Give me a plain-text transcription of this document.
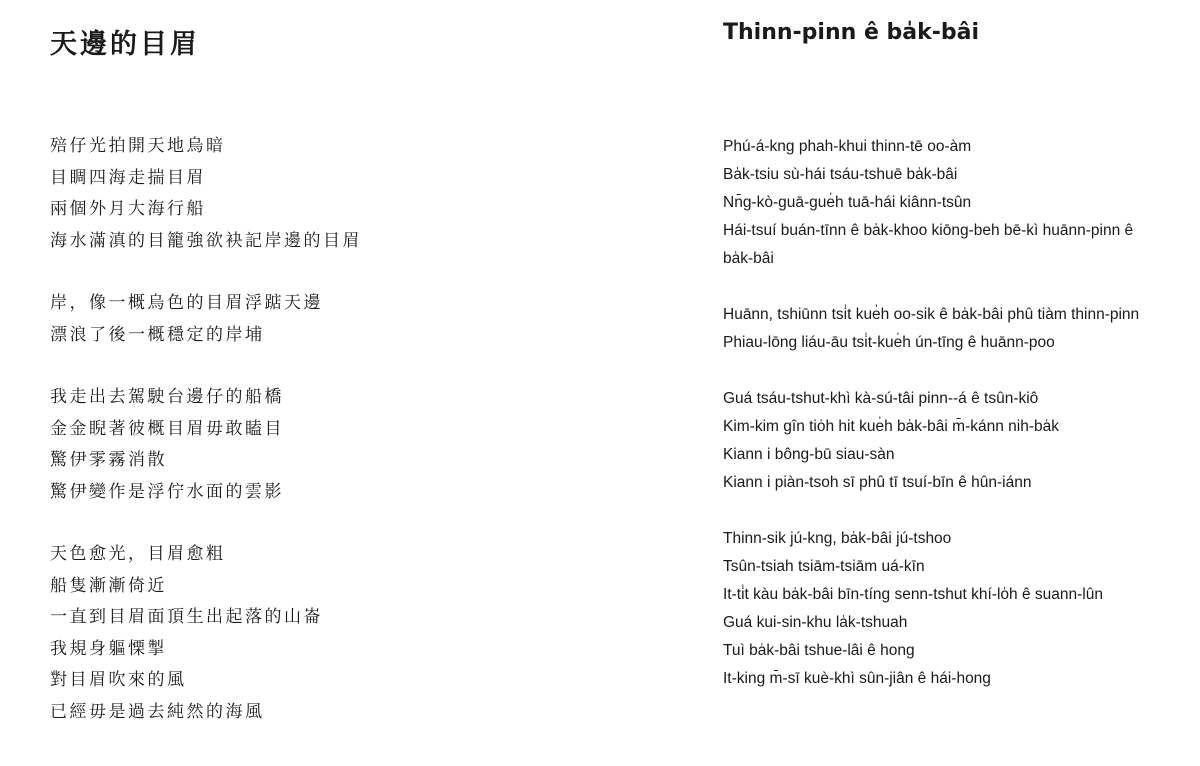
天邊的目眉
殕仔光拍開天地烏暗
目睭四海走揣目眉
兩個外月大海行船
海水滿滇的目籠強欲袂記岸邊的目眉
岸，像一概烏色的目眉浮踮天邊
漂浪了後一概穩定的岸埔
我走出去駕駛台邊仔的船橋
金金睨著彼概目眉毋敢瞌目
驚伊雺霧消散
驚伊變作是浮佇水面的雲影
天色愈光，目眉愈粗
船隻漸漸倚近
一直到目眉面頂生出起落的山崙
我規身軀慄掣
對目眉吹來的風
已經毋是過去純然的海風
Thinn-pinn ê ba̍k-bâi
Phú-á-kng phah-khui thinn-tē oo-àm
Ba̍k-tsiu sù-hái tsáu-tshuē ba̍k-bâi
Nn̄g-kò-guā-gue̍h tuā-hái kiânn-tsûn
Hái-tsuí buán-tīnn ê ba̍k-khoo kiōng-beh bē-kì huānn-pinn ê ba̍k-bâi
Huānn, tshiūnn tsi̍t kue̍h oo-sik ê ba̍k-bâi phû tiàm thinn-pinn
Phiau-lōng liáu-āu tsi̍t-kue̍h ún-tīng ê huānn-poo
Guá tsáu-tshut-khì kà-sú-tâi pinn--á ê tsûn-kiô
Kim-kim gîn tio̍h hit kue̍h ba̍k-bâi m̄-kánn nih-ba̍k
Kiann i bông-bū siau-sàn
Kiann i piàn-tsoh sī phû tī tsuí-bīn ê hûn-iánn
Thinn-sik jú-kng, ba̍k-bâi jú-tshoo
Tsûn-tsiah tsiām-tsiām uá-kīn
It-ti̍t kàu ba̍k-bâi bīn-tíng senn-tshut khí-lo̍h ê suann-lûn
Guá kui-sin-khu la̍k-tshuah
Tuì ba̍k-bâi tshue-lâi ê hong
It-king m̄-sī kuè-khì sûn-jiân ê hái-hong
